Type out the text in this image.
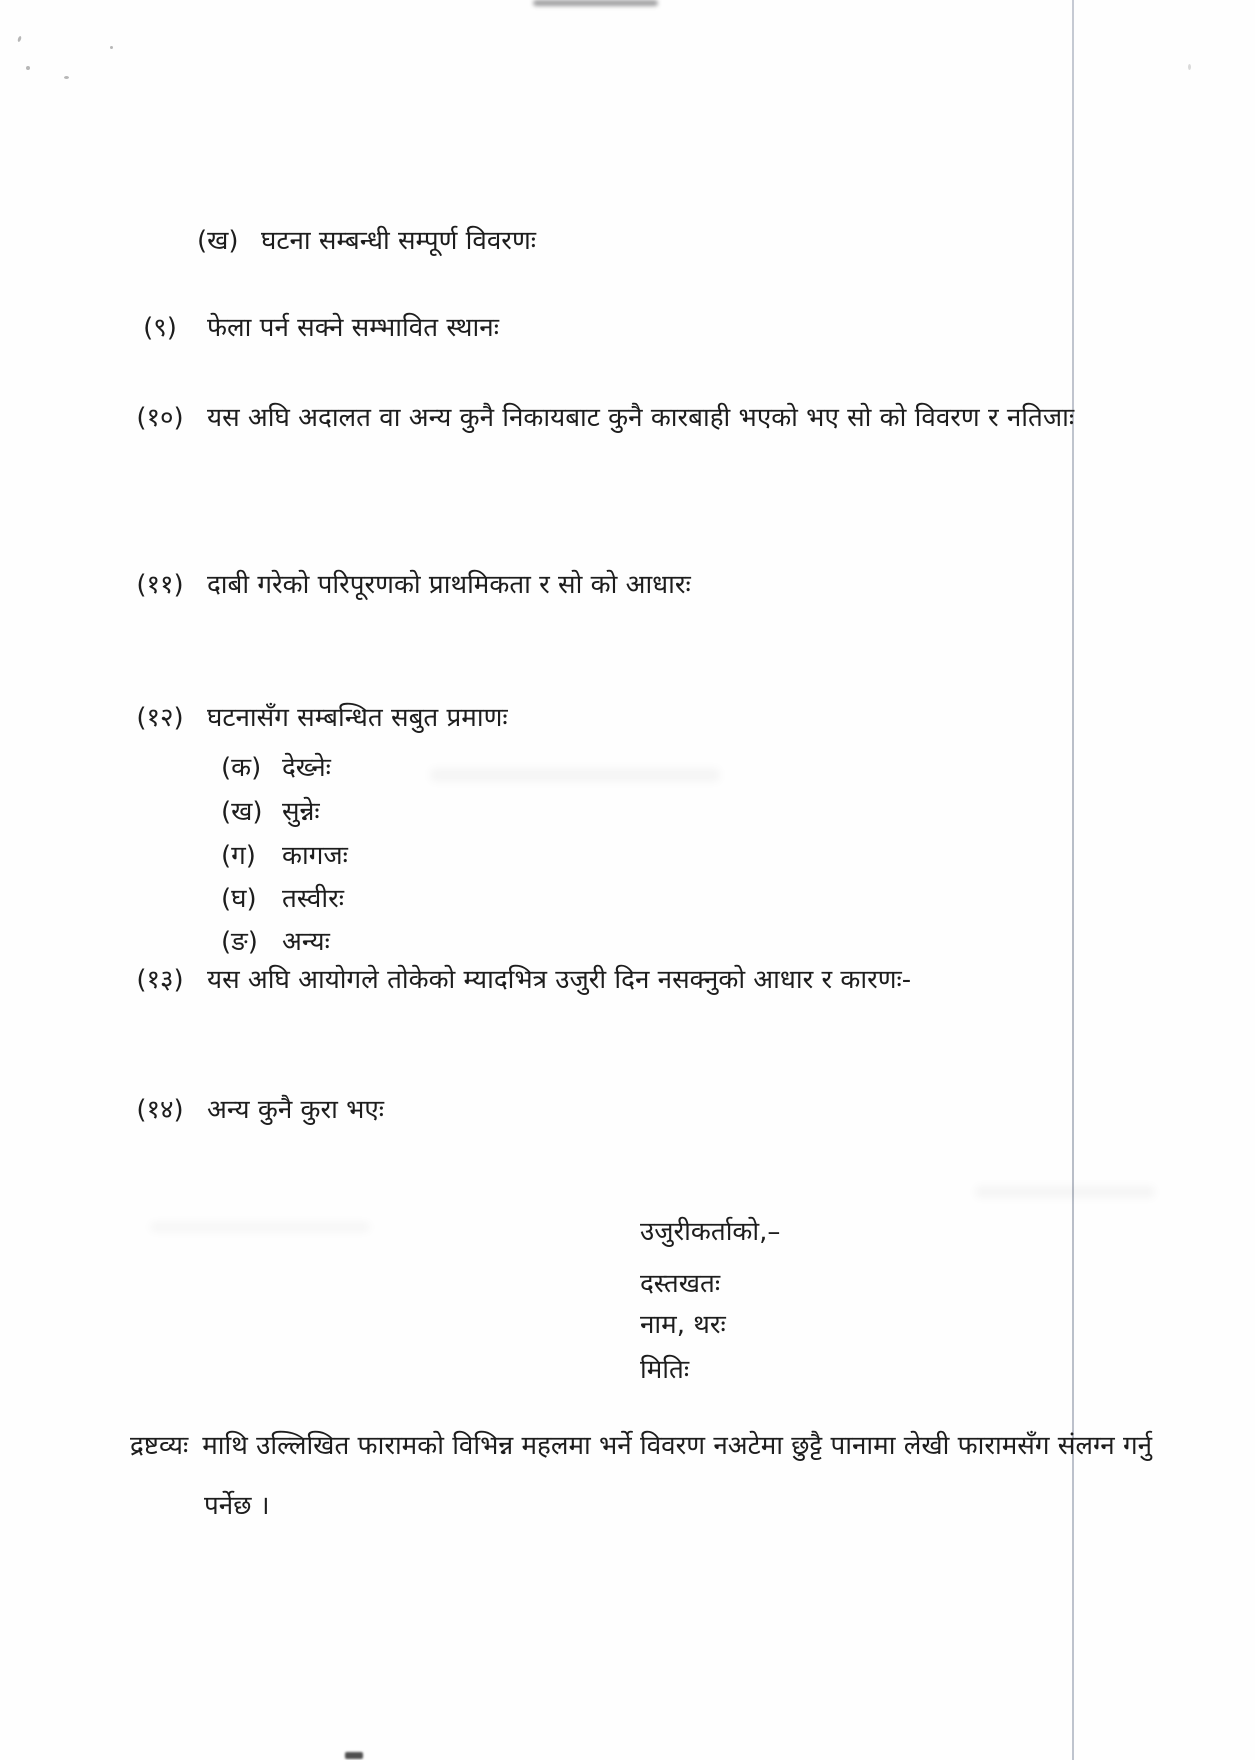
(ख) घटना सम्बन्धी सम्पूर्ण विवरणः
(९)	फेला पर्न सक्ने सम्भावित स्थानः
(१०) यस अघि अदालत वा अन्य कुनै निकायबाट कुनै कारबाही भएको भए सो को विवरण र नतिजाः
(११) दाबी गरेको परिपूरणको प्राथमिकता र सो को आधारः
(१२) घटनासँग सम्बन्धित सबुत प्रमाणः
(क) देख्नेः
(ख) सुन्नेः
(ग)	कागजः
(घ) तस्वीरः
(ङ) अन्यः
(१३) यस अघि आयोगले तोकेको म्यादभित्र उजुरी दिन नसक्नुको आधार र कारणः-
(१४) अन्य कुनै कुरा भएः
उजुरीकर्ताको,–
दस्तखतः
नाम, थरः
मितिः
द्रष्टव्यः माथि उल्लिखित फारामको विभिन्न महलमा भर्ने विवरण नअटेमा छुट्टै पानामा लेखी फारामसँग संलग्न गर्नु
पर्नेछ ।
